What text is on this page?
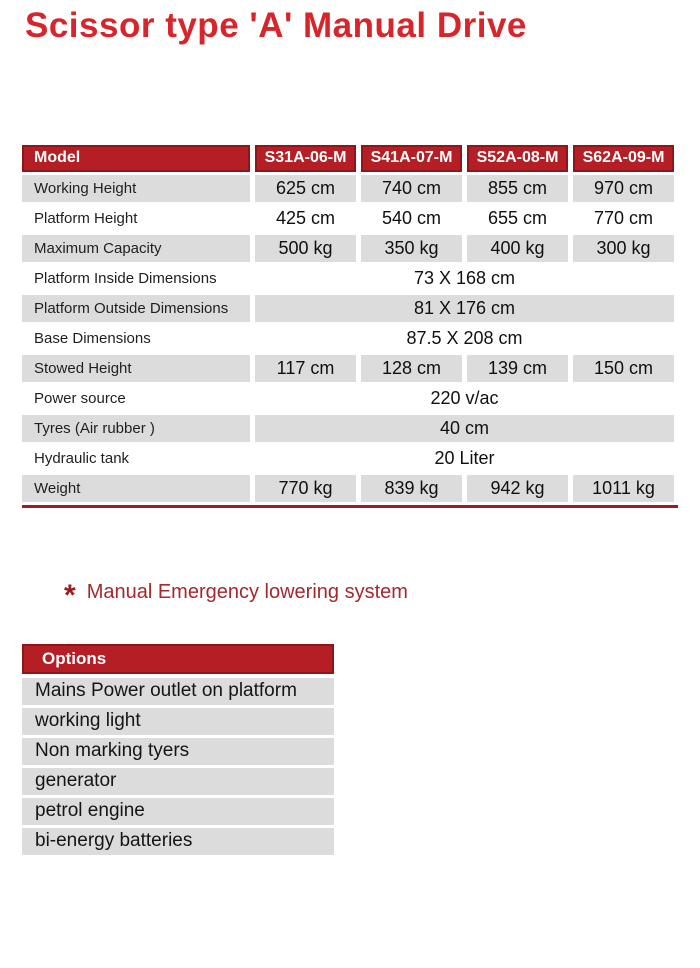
Scissor type 'A' Manual Drive
Model	S31A-06-M	S41A-07-M	S52A-08-M	S62A-09-M
Working Height	625 cm	740 cm	855 cm	970 cm
Platform Height	425 cm	540 cm	655 cm	770 cm
Maximum Capacity	500 kg	350 kg	400 kg	300 kg
Platform Inside Dimensions	73 X 168 cm
Platform Outside Dimensions	81 X 176 cm
Base Dimensions	87.5 X 208 cm
Stowed Height	117 cm	128 cm	139 cm	150 cm
Power source	220 v/ac
Tyres (Air rubber )	40 cm
Hydraulic tank	20 Liter
Weight	770 kg	839 kg	942 kg	1011 kg
* Manual Emergency lowering system
Options
Mains Power outlet on platform
working light
Non marking tyers
generator
petrol engine
bi-energy batteries
